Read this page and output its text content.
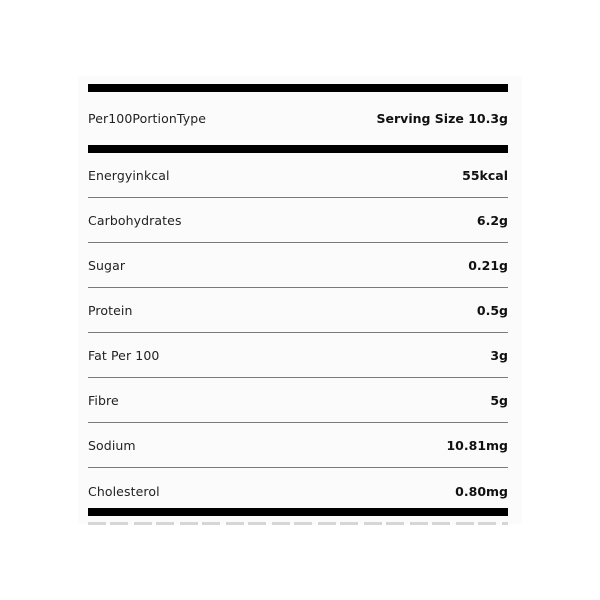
Per100PortionType	Serving Size 10.3g
Energyinkcal	55kcal
Carbohydrates	6.2g
Sugar	0.21g
Protein	0.5g
Fat Per 100	3g
Fibre	5g
Sodium	10.81mg
Cholesterol	0.80mg
